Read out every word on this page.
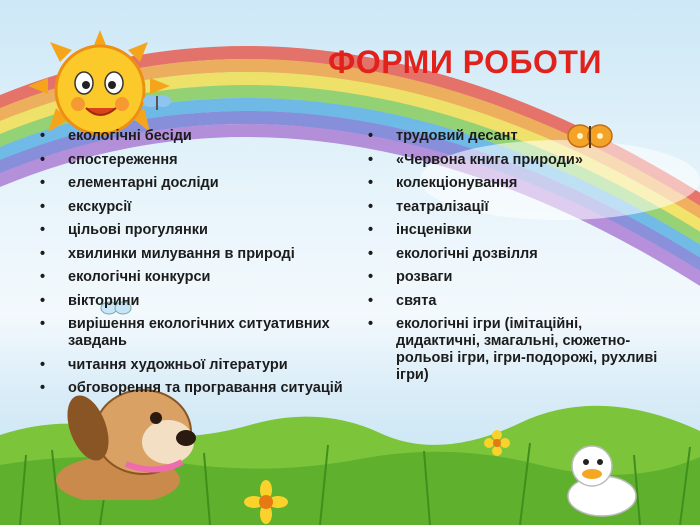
ФОРМИ РОБОТИ
• екологічні бесіди
• спостереження
• елементарні досліди
• екскурсії
• цільові прогулянки
• хвилинки милування в природі
• екологічні конкурси
• вікторини
• вирішення екологічних ситуативних завдань
• читання художньої літератури
• обговорення та програвання ситуацій
• трудовий десант
• «Червона книга природи»
• колекціонування
• театралізації
• інсценівки
• екологічні дозвілля
• розваги
• свята
• екологічні ігри (імітаційні, дидактичні, змагальні, сюжетно-рольові ігри, ігри-подорожі, рухливі ігри)
